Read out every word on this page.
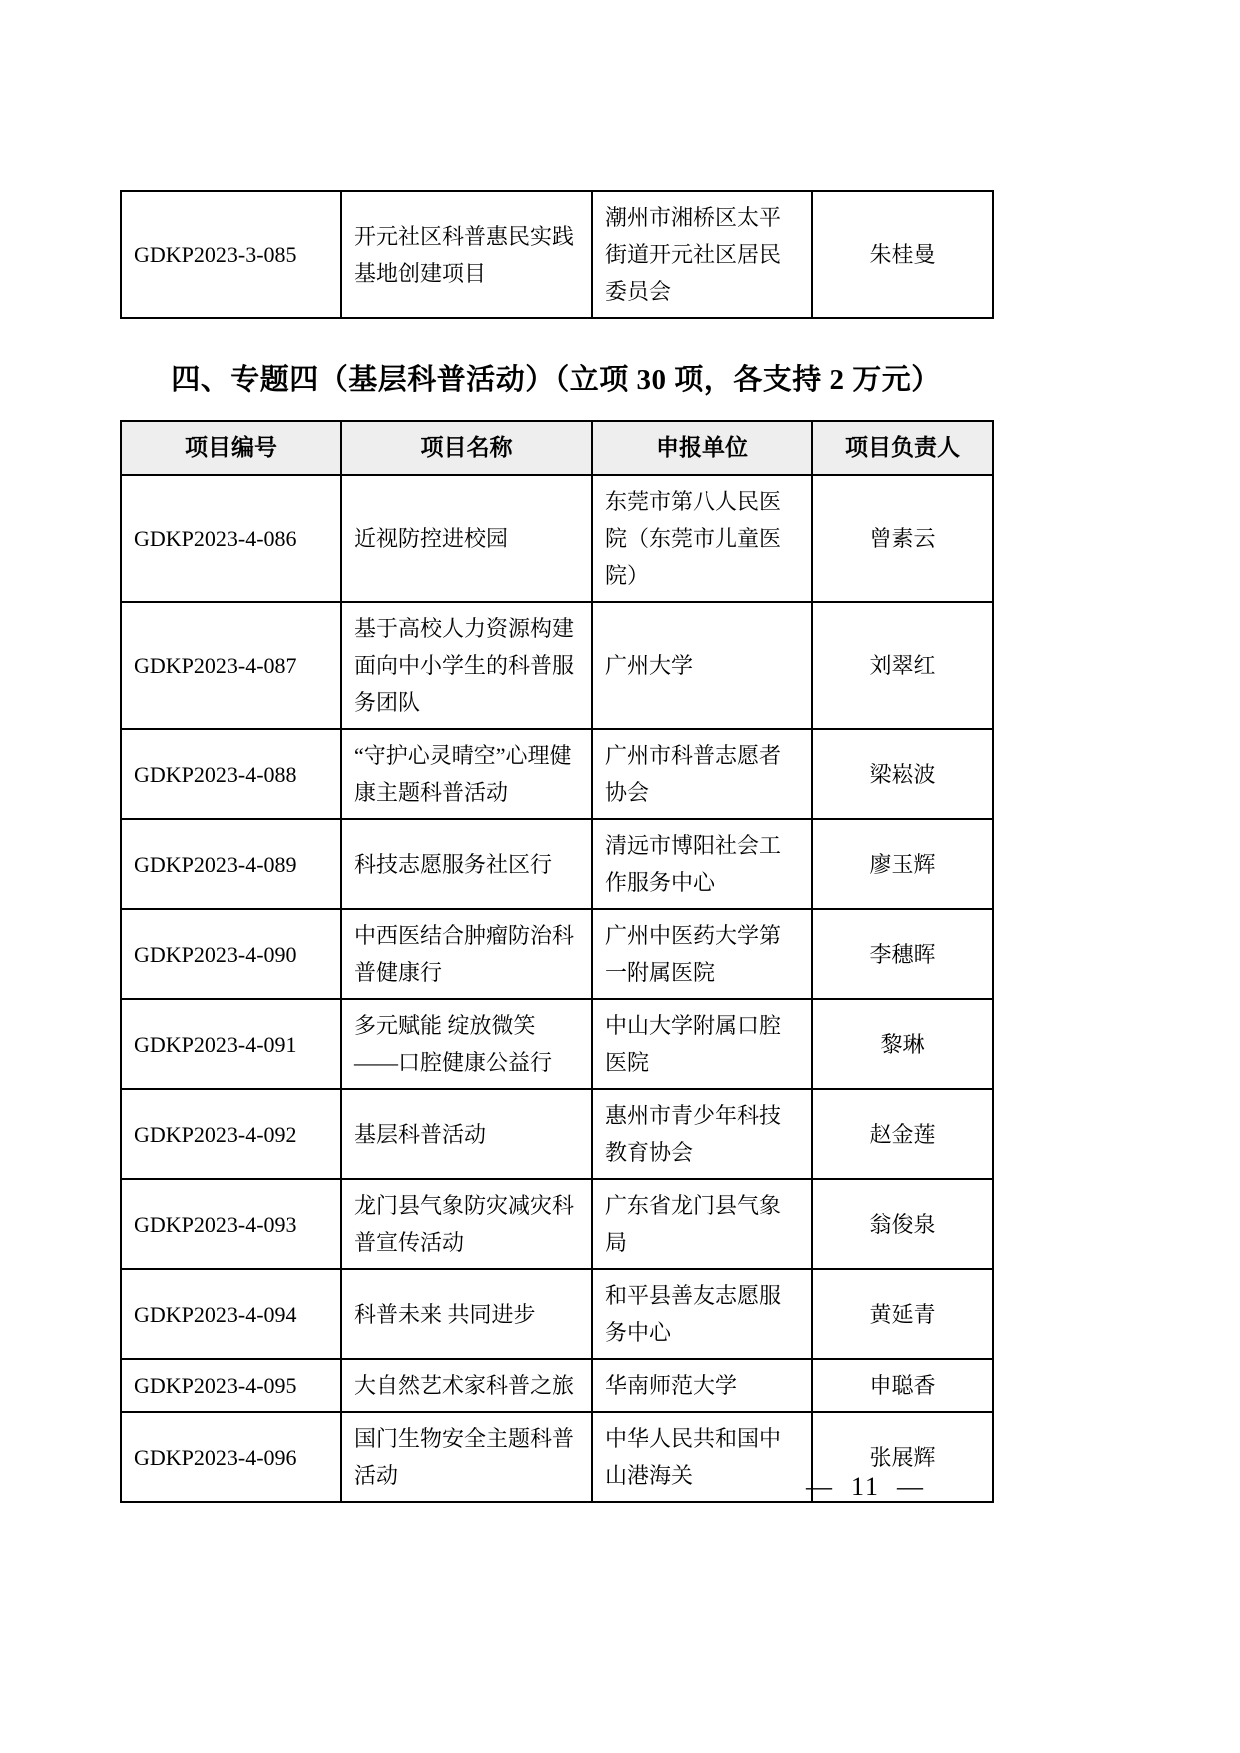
GDKP2023-3-085	开元社区科普惠民实践基地创建项目	潮州市湘桥区太平街道开元社区居民委员会	朱桂曼
四、专题四（基层科普活动）（立项 30 项，各支持 2 万元）
项目编号	项目名称	申报单位	项目负责人
GDKP2023-4-086	近视防控进校园	东莞市第八人民医院（东莞市儿童医院）	曾素云
GDKP2023-4-087	基于高校人力资源构建面向中小学生的科普服务团队	广州大学	刘翠红
GDKP2023-4-088	“守护心灵晴空”心理健康主题科普活动	广州市科普志愿者协会	梁崧波
GDKP2023-4-089	科技志愿服务社区行	清远市博阳社会工作服务中心	廖玉辉
GDKP2023-4-090	中西医结合肿瘤防治科普健康行	广州中医药大学第一附属医院	李穗晖
GDKP2023-4-091	多元赋能 绽放微笑——口腔健康公益行	中山大学附属口腔医院	黎琳
GDKP2023-4-092	基层科普活动	惠州市青少年科技教育协会	赵金莲
GDKP2023-4-093	龙门县气象防灾减灾科普宣传活动	广东省龙门县气象局	翁俊泉
GDKP2023-4-094	科普未来 共同进步	和平县善友志愿服务中心	黄延青
GDKP2023-4-095	大自然艺术家科普之旅	华南师范大学	申聪香
GDKP2023-4-096	国门生物安全主题科普活动	中华人民共和国中山港海关	张展辉
—  11  —
